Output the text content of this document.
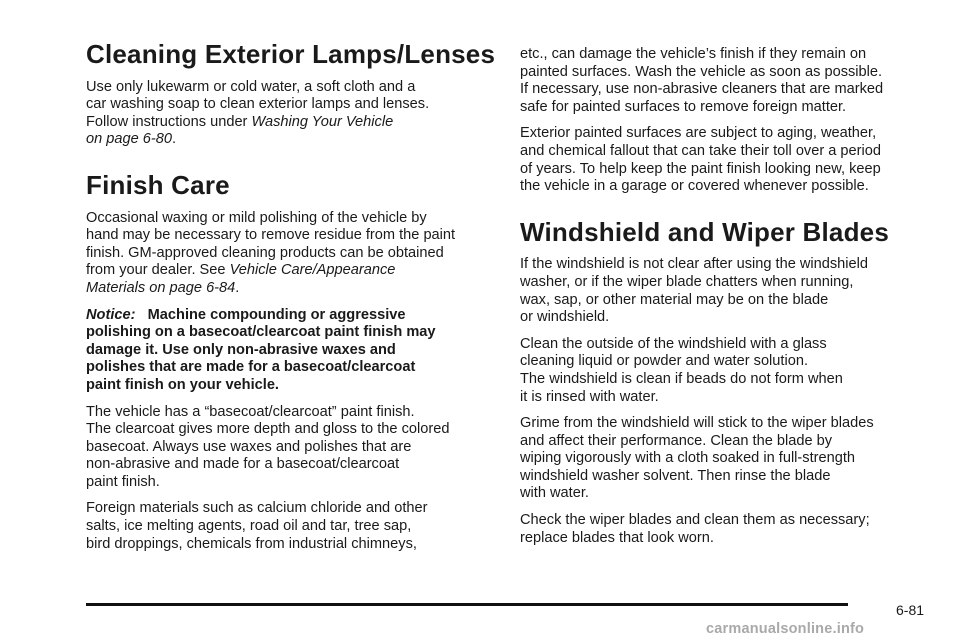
Cleaning Exterior Lamps/Lenses

Use only lukewarm or cold water, a soft cloth and a
car washing soap to clean exterior lamps and lenses.
Follow instructions under Washing Your Vehicle
on page 6-80.

Finish Care

Occasional waxing or mild polishing of the vehicle by
hand may be necessary to remove residue from the paint
finish. GM-approved cleaning products can be obtained
from your dealer. See Vehicle Care/Appearance
Materials on page 6-84.

Notice: Machine compounding or aggressive
polishing on a basecoat/clearcoat paint finish may
damage it. Use only non-abrasive waxes and
polishes that are made for a basecoat/clearcoat
paint finish on your vehicle.

The vehicle has a “basecoat/clearcoat” paint finish.
The clearcoat gives more depth and gloss to the colored
basecoat. Always use waxes and polishes that are
non-abrasive and made for a basecoat/clearcoat
paint finish.

Foreign materials such as calcium chloride and other
salts, ice melting agents, road oil and tar, tree sap,
bird droppings, chemicals from industrial chimneys,

etc., can damage the vehicle’s finish if they remain on
painted surfaces. Wash the vehicle as soon as possible.
If necessary, use non-abrasive cleaners that are marked
safe for painted surfaces to remove foreign matter.

Exterior painted surfaces are subject to aging, weather,
and chemical fallout that can take their toll over a period
of years. To help keep the paint finish looking new, keep
the vehicle in a garage or covered whenever possible.

Windshield and Wiper Blades

If the windshield is not clear after using the windshield
washer, or if the wiper blade chatters when running,
wax, sap, or other material may be on the blade
or windshield.

Clean the outside of the windshield with a glass
cleaning liquid or powder and water solution.
The windshield is clean if beads do not form when
it is rinsed with water.

Grime from the windshield will stick to the wiper blades
and affect their performance. Clean the blade by
wiping vigorously with a cloth soaked in full-strength
windshield washer solvent. Then rinse the blade
with water.

Check the wiper blades and clean them as necessary;
replace blades that look worn.

6-81
carmanualsonline.info
